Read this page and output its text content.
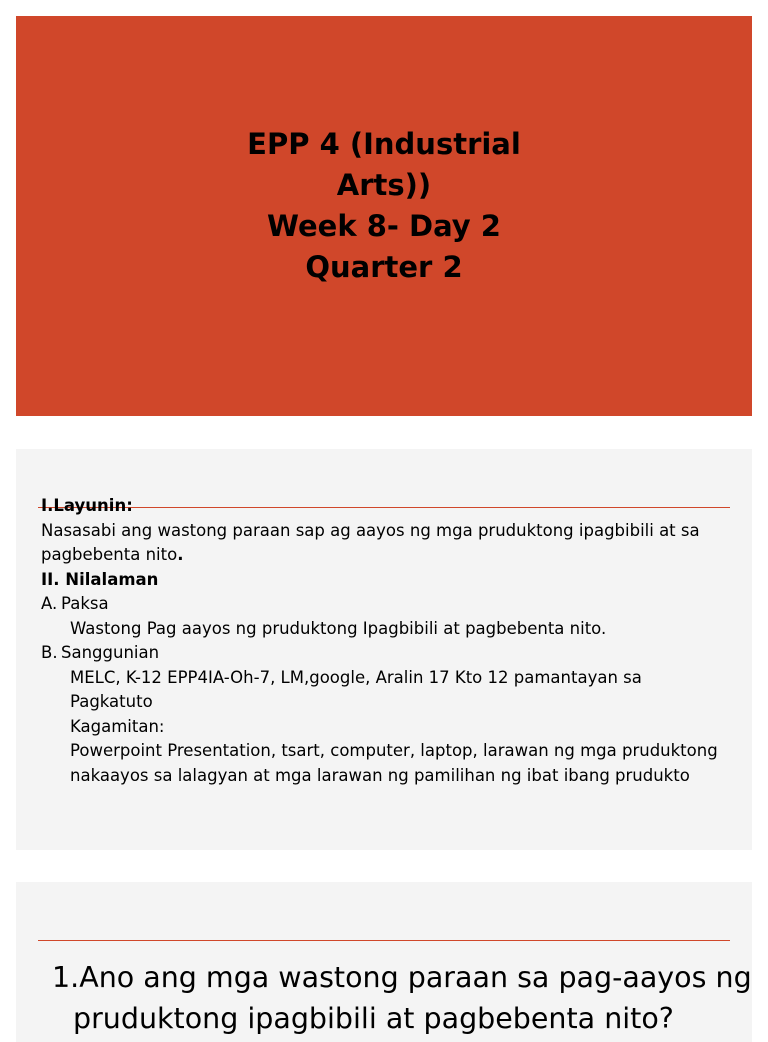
EPP 4 (Industrial
Arts))
Week 8- Day 2
Quarter 2
I.Layunin:
Nasasabi ang wastong paraan sap ag aayos ng mga pruduktong ipagbibili at sa
pagbebenta nito.
II. Nilalaman
A. Paksa
Wastong Pag aayos ng pruduktong Ipagbibili at pagbebenta nito.
B. Sanggunian
MELC, K-12 EPP4IA-Oh-7, LM,google, Aralin 17 Kto 12 pamantayan sa
Pagkatuto
Kagamitan:
Powerpoint Presentation, tsart, computer, laptop, larawan ng mga pruduktong
nakaayos sa lalagyan at mga larawan ng pamilihan ng ibat ibang prudukto
1.Ano ang mga wastong paraan sa pag-aayos ng
pruduktong ipagbibili at pagbebenta nito?
